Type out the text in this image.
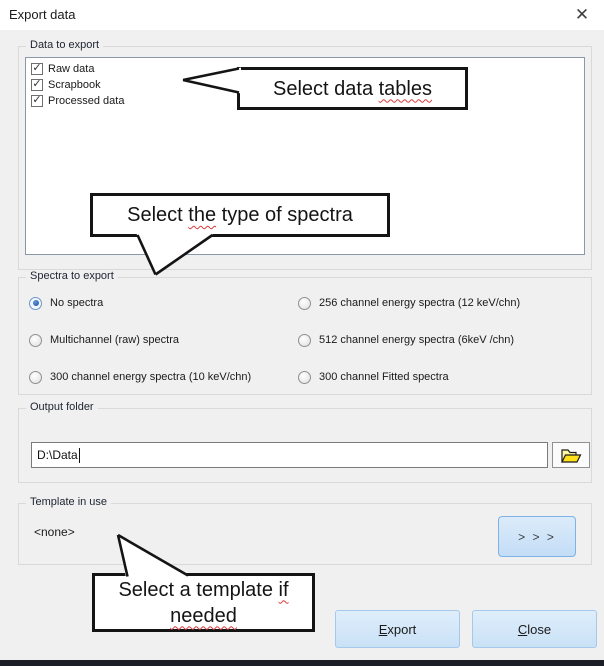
Export data	✕
Data to export
✓ Raw data
✓ Scrapbook
✓ Processed data
Spectra to export
No spectra
Multichannel (raw) spectra
300 channel energy spectra (10 keV/chn)
256 channel energy spectra (12 keV/chn)
512 channel energy spectra (6keV /chn)
300 channel Fitted spectra
Output folder
D:\Data
Template in use
<none>	> > >
Export	Close
Select data tables
Select the type of spectra
Select a template if
needed
